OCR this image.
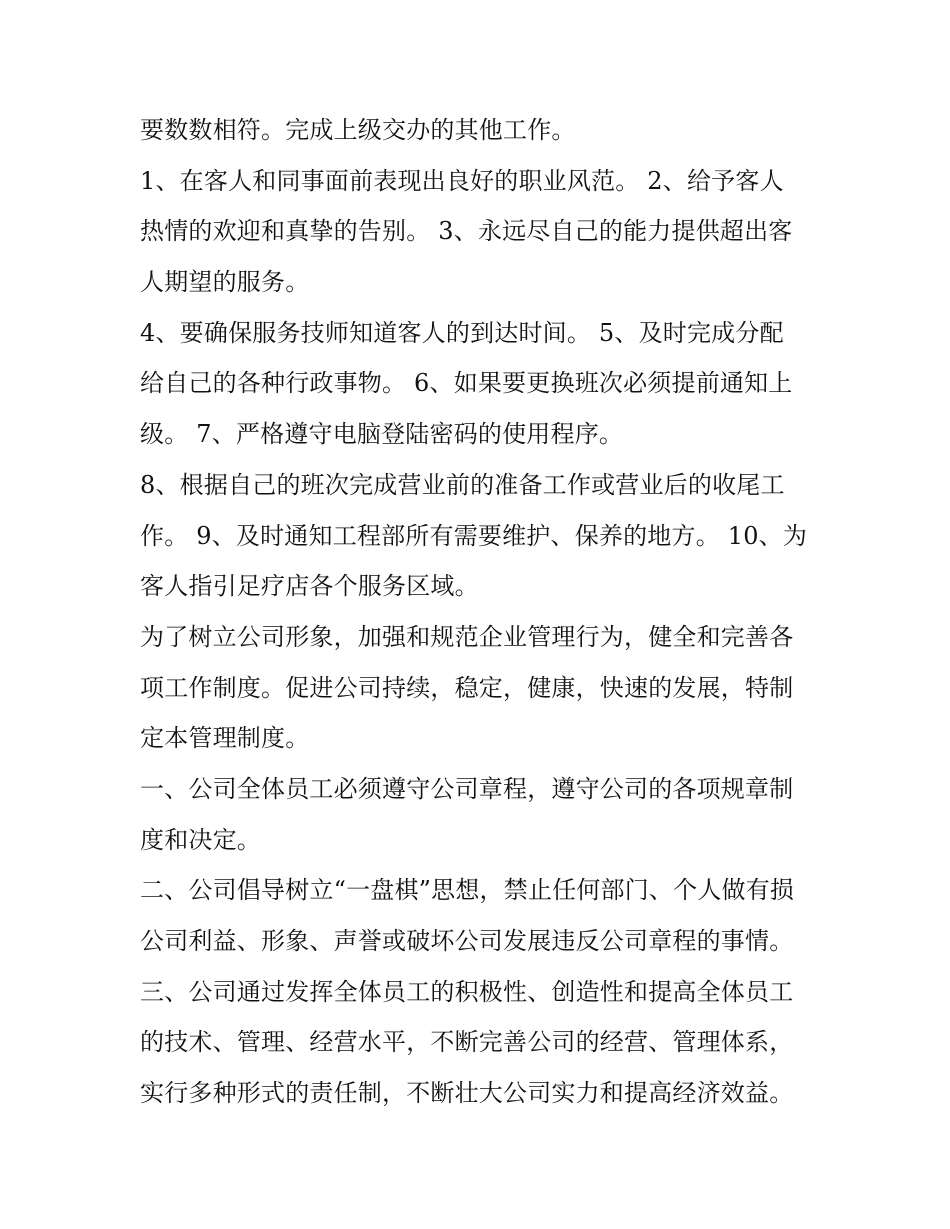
要数数相符。完成上级交办的其他工作。
1、在客人和同事面前表现出良好的职业风范。 2、给予客人
热情的欢迎和真挚的告别。 3、永远尽自己的能力提供超出客
人期望的服务。
4、要确保服务技师知道客人的到达时间。 5、及时完成分配
给自己的各种行政事物。 6、如果要更换班次必须提前通知上
级。 7、严格遵守电脑登陆密码的使用程序。
8、根据自己的班次完成营业前的准备工作或营业后的收尾工
作。 9、及时通知工程部所有需要维护、保养的地方。 10、为
客人指引足疗店各个服务区域。
为了树立公司形象，加强和规范企业管理行为，健全和完善各
项工作制度。促进公司持续，稳定，健康，快速的发展，特制
定本管理制度。
一、公司全体员工必须遵守公司章程，遵守公司的各项规章制
度和决定。
二、公司倡导树立“一盘棋”思想，禁止任何部门、个人做有损
公司利益、形象、声誉或破坏公司发展违反公司章程的事情。
三、公司通过发挥全体员工的积极性、创造性和提高全体员工
的技术、管理、经营水平，不断完善公司的经营、管理体系，
实行多种形式的责任制，不断壮大公司实力和提高经济效益。
